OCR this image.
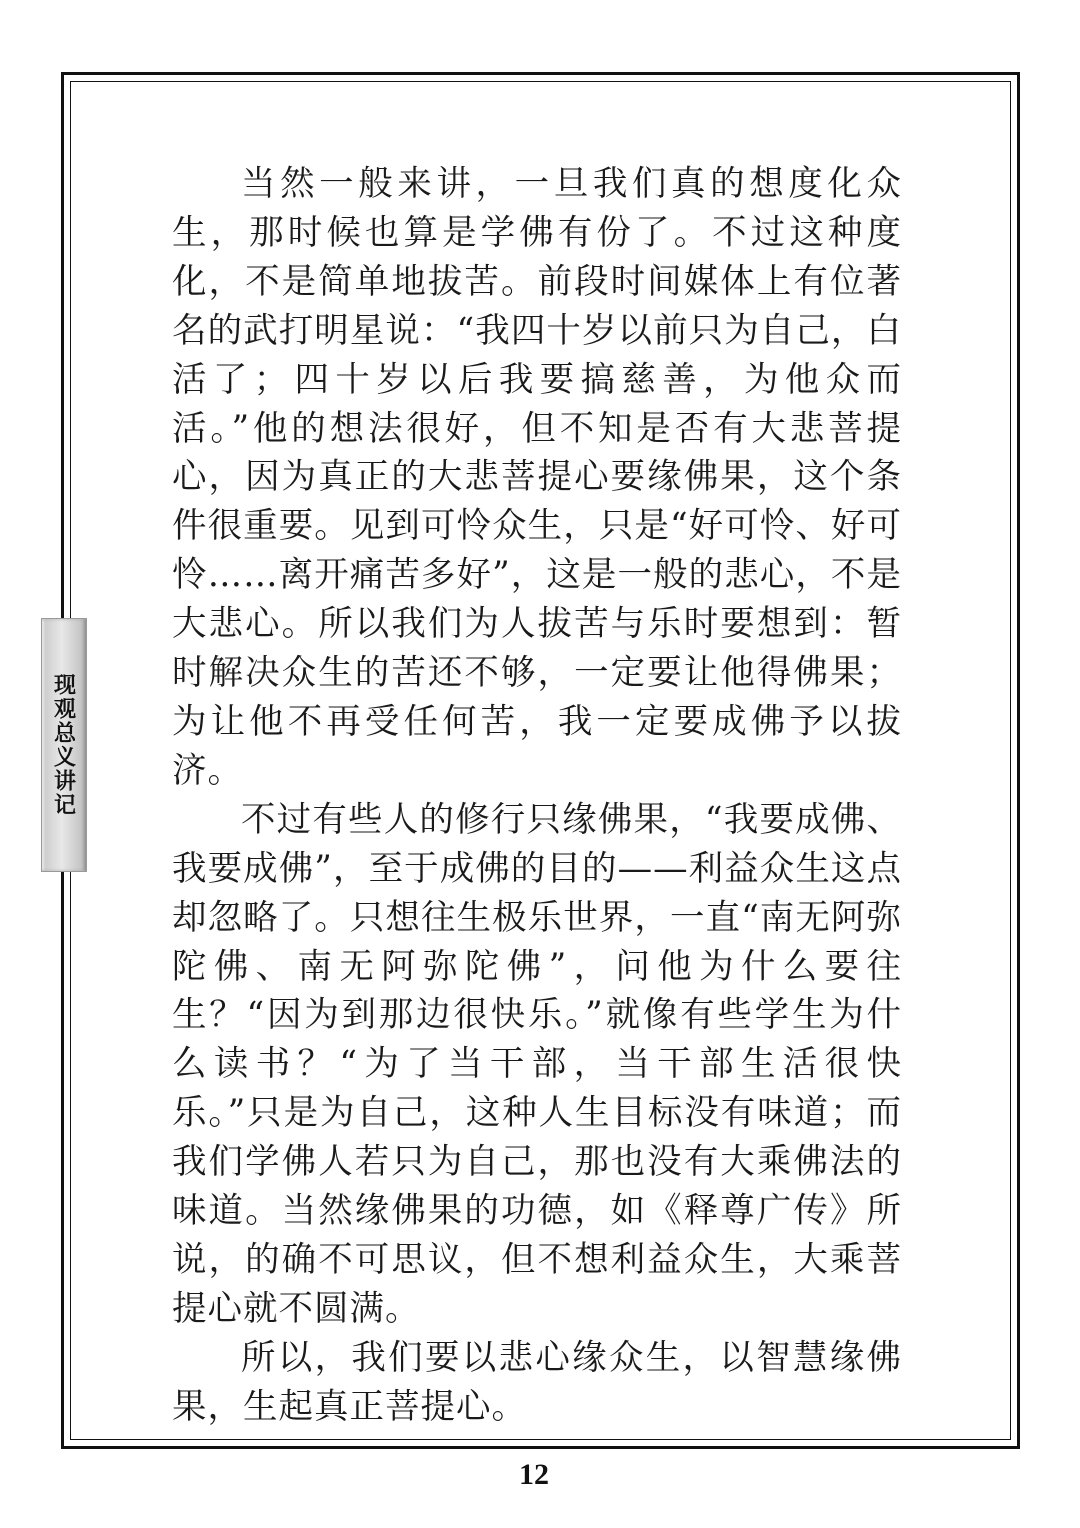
现观总义讲记

当然一般来讲，一旦我们真的想度化众生，那时候也算是学佛有份了。不过这种度化，不是简单地拔苦。前段时间媒体上有位著名的武打明星说：“我四十岁以前只为自己，白活了；四十岁以后我要搞慈善，为他众而活。”他的想法很好，但不知是否有大悲菩提心，因为真正的大悲菩提心要缘佛果，这个条件很重要。见到可怜众生，只是“好可怜、好可怜……离开痛苦多好”，这是一般的悲心，不是大悲心。所以我们为人拔苦与乐时要想到：暂时解决众生的苦还不够，一定要让他得佛果；为让他不再受任何苦，我一定要成佛予以拔济。

不过有些人的修行只缘佛果，“我要成佛、我要成佛”，至于成佛的目的——利益众生这点却忽略了。只想往生极乐世界，一直“南无阿弥陀佛、南无阿弥陀佛”，问他为什么要往生？“因为到那边很快乐。”就像有些学生为什么读书？“为了当干部，当干部生活很快乐。”只是为自己，这种人生目标没有味道；而我们学佛人若只为自己，那也没有大乘佛法的味道。当然缘佛果的功德，如《释尊广传》所说，的确不可思议，但不想利益众生，大乘菩提心就不圆满。

所以，我们要以悲心缘众生，以智慧缘佛果，生起真正菩提心。

12
